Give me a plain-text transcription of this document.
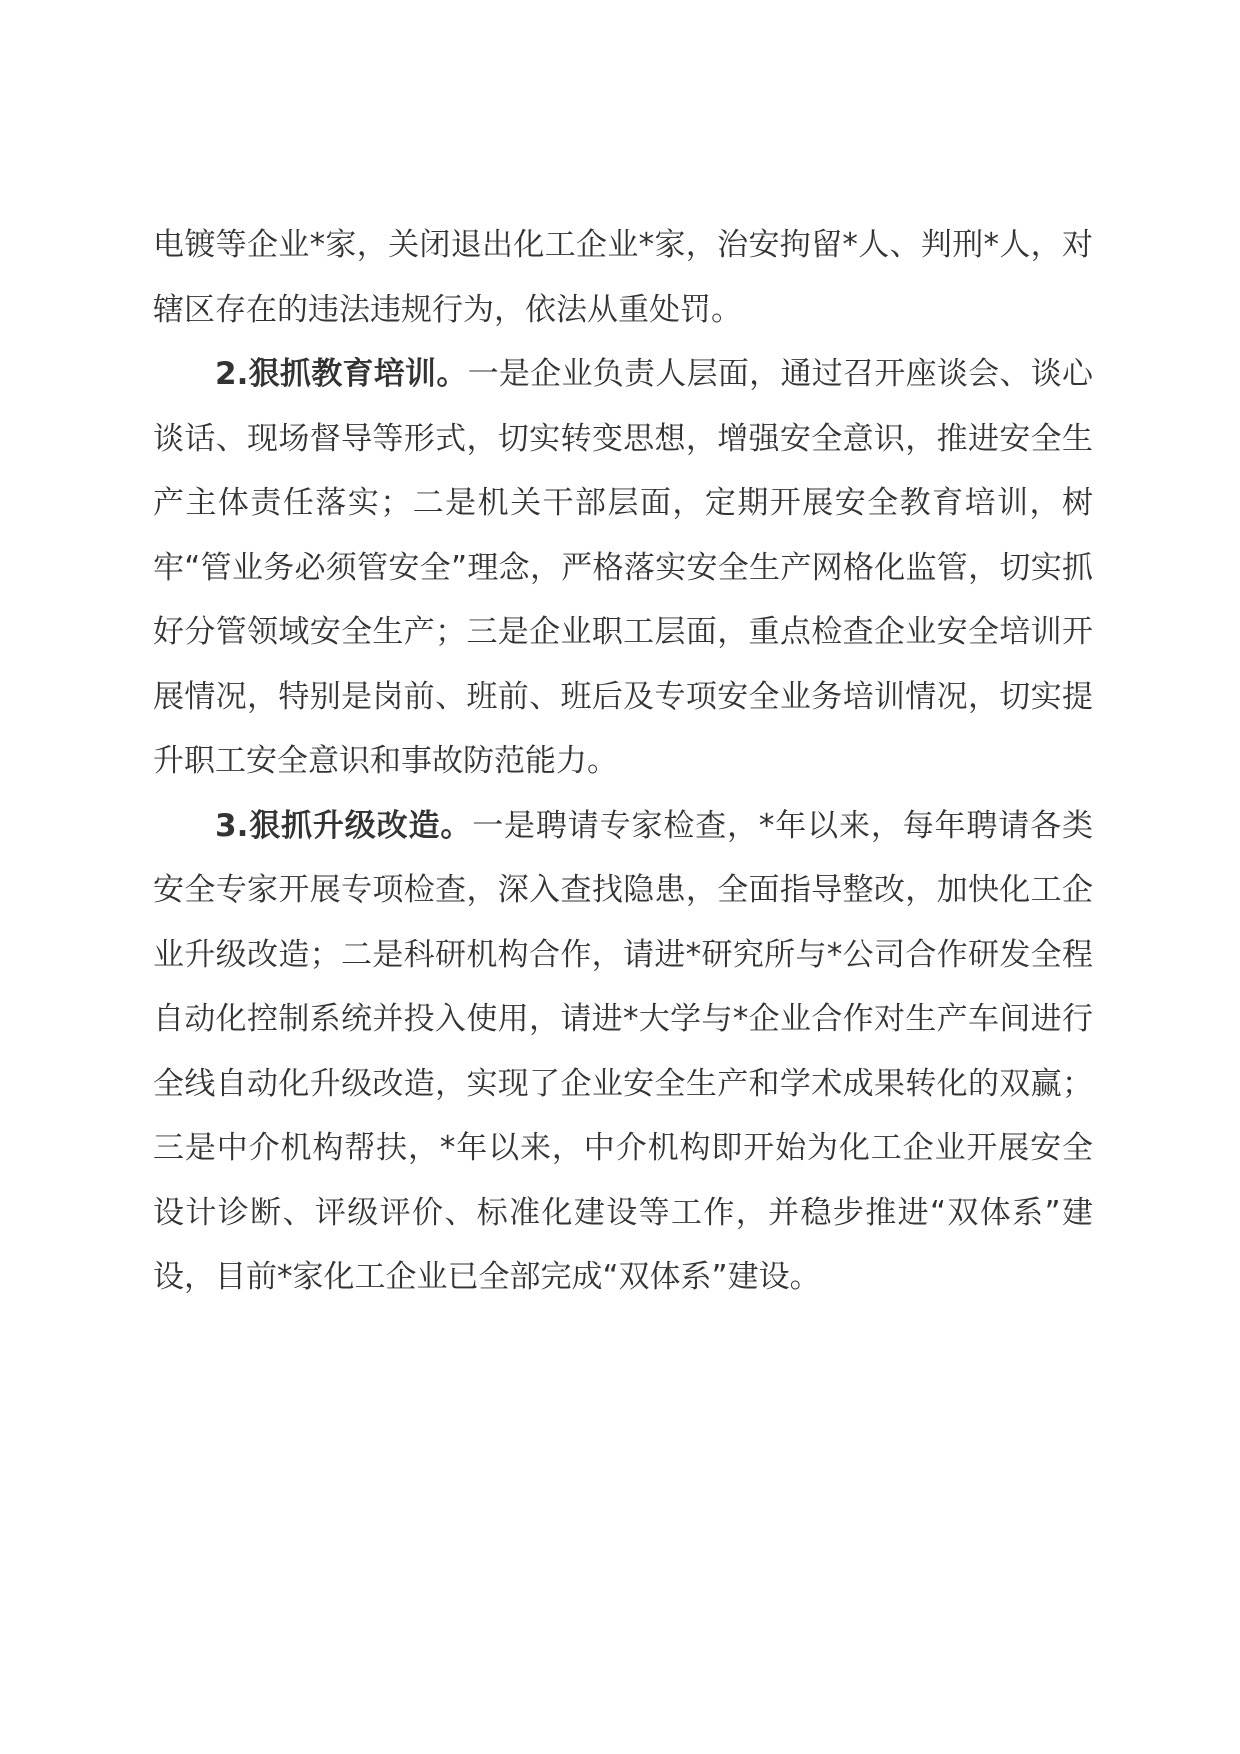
电镀等企业*家，关闭退出化工企业*家，治安拘留*人、判刑*人，对辖区存在的违法违规行为，依法从重处罚。

2.狠抓教育培训。一是企业负责人层面，通过召开座谈会、谈心谈话、现场督导等形式，切实转变思想，增强安全意识，推进安全生产主体责任落实；二是机关干部层面，定期开展安全教育培训，树牢“管业务必须管安全”理念，严格落实安全生产网格化监管，切实抓好分管领域安全生产；三是企业职工层面，重点检查企业安全培训开展情况，特别是岗前、班前、班后及专项安全业务培训情况，切实提升职工安全意识和事故防范能力。

3.狠抓升级改造。一是聘请专家检查，*年以来，每年聘请各类安全专家开展专项检查，深入查找隐患，全面指导整改，加快化工企业升级改造；二是科研机构合作，请进*研究所与*公司合作研发全程自动化控制系统并投入使用，请进*大学与*企业合作对生产车间进行全线自动化升级改造，实现了企业安全生产和学术成果转化的双赢；三是中介机构帮扶，*年以来，中介机构即开始为化工企业开展安全设计诊断、评级评价、标准化建设等工作，并稳步推进“双体系”建设，目前*家化工企业已全部完成“双体系”建设。
